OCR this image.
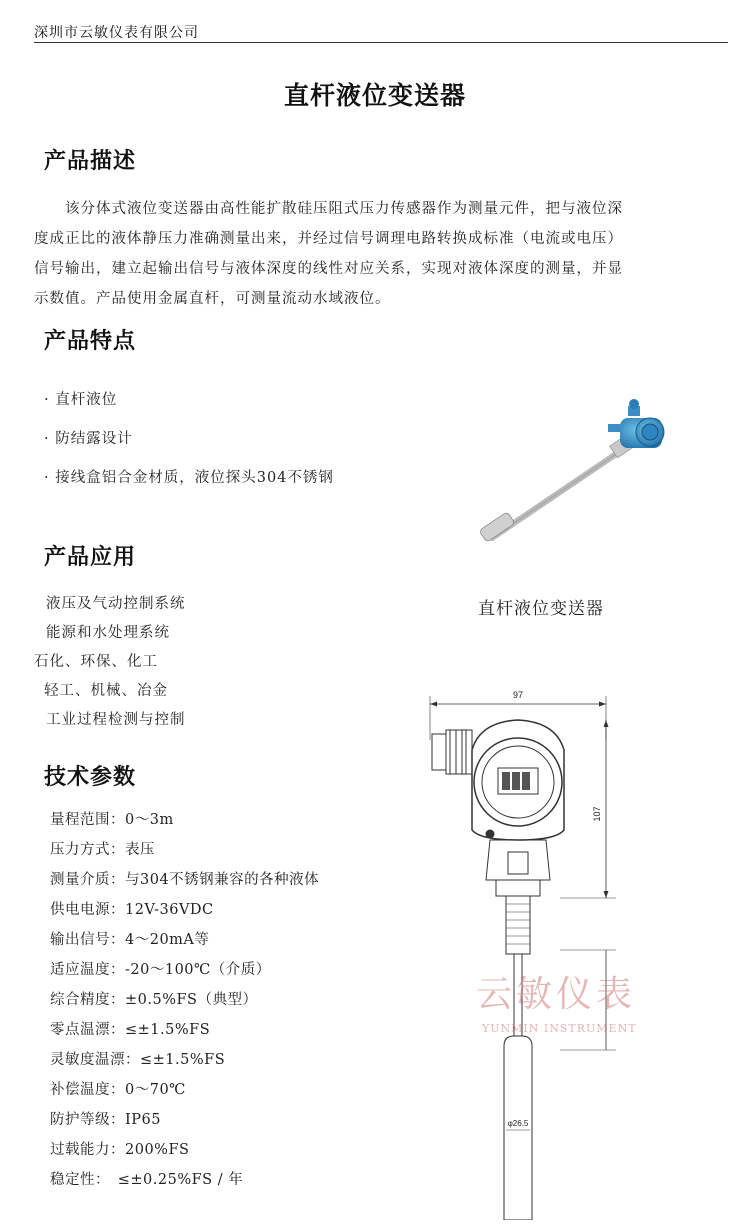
深圳市云敏仪表有限公司
直杆液位变送器
产品描述
　　该分体式液位变送器由高性能扩散硅压阻式压力传感器作为测量元件，把与液位深
度成正比的液体静压力准确测量出来，并经过信号调理电路转换成标准（电流或电压）
信号输出，建立起输出信号与液体深度的线性对应关系，实现对液体深度的测量，并显
示数值。产品使用金属直杆，可测量流动水域液位。
产品特点
· 直杆液位
· 防结露设计
· 接线盒铝合金材质，液位探头304不锈钢
直杆液位变送器
产品应用
液压及气动控制系统
能源和水处理系统
石化、环保、化工
轻工、机械、冶金
工业过程检测与控制
技术参数
量程范围：0～3m
压力方式：表压
测量介质：与304不锈钢兼容的各种液体
供电电源：12V-36VDC
输出信号：4～20mA等
适应温度：-20～100℃（介质）
综合精度：±0.5%FS（典型）
零点温漂：≤±1.5%FS
灵敏度温漂：≤±1.5%FS
补偿温度：0～70℃
防护等级：IP65
过载能力：200%FS
稳定性：　≤±0.25%FS / 年
97
107
φ26.5
云敏仪表
YUNMIN INSTRUMENT
